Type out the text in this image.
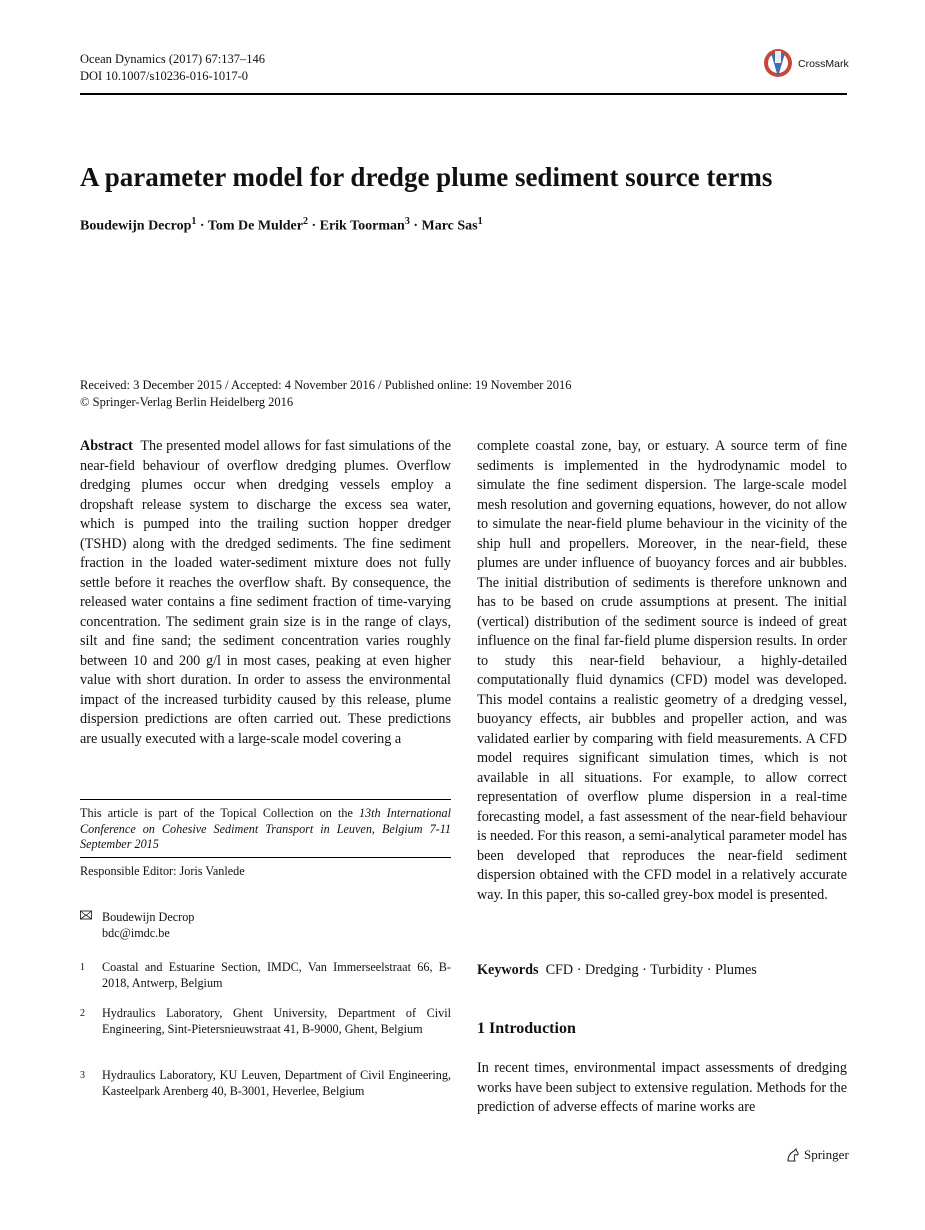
Ocean Dynamics (2017) 67:137–146
DOI 10.1007/s10236-016-1017-0
CrossMark
A parameter model for dredge plume sediment source terms
Boudewijn Decrop$^1$ · Tom De Mulder$^2$ · Erik Toorman$^3$ · Marc Sas$^1$
Received: 3 December 2015 / Accepted: 4 November 2016 / Published online: 19 November 2016
© Springer-Verlag Berlin Heidelberg 2016
Abstract The presented model allows for fast simulations of the near-field behaviour of overflow dredging plumes. Overflow dredging plumes occur when dredging vessels employ a dropshaft release system to discharge the excess sea water, which is pumped into the trailing suction hopper dredger (TSHD) along with the dredged sediments. The fine sediment fraction in the loaded water-sediment mixture does not fully settle before it reaches the overflow shaft. By consequence, the released water contains a fine sediment fraction of time-varying concentration. The sediment grain size is in the range of clays, silt and fine sand; the sediment concentration varies roughly between 10 and 200 g/l in most cases, peaking at even higher value with short duration. In order to assess the environmental impact of the increased turbidity caused by this release, plume dispersion predictions are often carried out. These predictions are usually executed with a large-scale model covering a
complete coastal zone, bay, or estuary. A source term of fine sediments is implemented in the hydrodynamic model to simulate the fine sediment dispersion. The large-scale model mesh resolution and governing equations, however, do not allow to simulate the near-field plume behaviour in the vicinity of the ship hull and propellers. Moreover, in the near-field, these plumes are under influence of buoyancy forces and air bubbles. The initial distribution of sediments is therefore unknown and has to be based on crude assumptions at present. The initial (vertical) distribution of the sediment source is indeed of great influence on the final far-field plume dispersion results. In order to study this near-field behaviour, a highly-detailed computationally fluid dynamics (CFD) model was developed. This model contains a realistic geometry of a dredging vessel, buoyancy effects, air bubbles and propeller action, and was validated earlier by comparing with field measurements. A CFD model requires significant simulation times, which is not available in all situations. For example, to allow correct representation of overflow plume dispersion in a real-time forecasting model, a fast assessment of the near-field behaviour is needed. For this reason, a semi-analytical parameter model has been developed that reproduces the near-field sediment dispersion obtained with the CFD model in a relatively accurate way. In this paper, this so-called grey-box model is presented.
This article is part of the Topical Collection on the 13th International Conference on Cohesive Sediment Transport in Leuven, Belgium 7-11 September 2015
Responsible Editor: Joris Vanlede
Boudewijn Decrop
bdc@imdc.be
1	Coastal and Estuarine Section, IMDC, Van Immerseelstraat 66, B-2018, Antwerp, Belgium
2	Hydraulics Laboratory, Ghent University, Department of Civil Engineering, Sint-Pietersnieuwstraat 41, B-9000, Ghent, Belgium
3	Hydraulics Laboratory, KU Leuven, Department of Civil Engineering, Kasteelpark Arenberg 40, B-3001, Heverlee, Belgium
Keywords CFD · Dredging · Turbidity · Plumes
1 Introduction
In recent times, environmental impact assessments of dredging works have been subject to extensive regulation. Methods for the prediction of adverse effects of marine works are
Springer
